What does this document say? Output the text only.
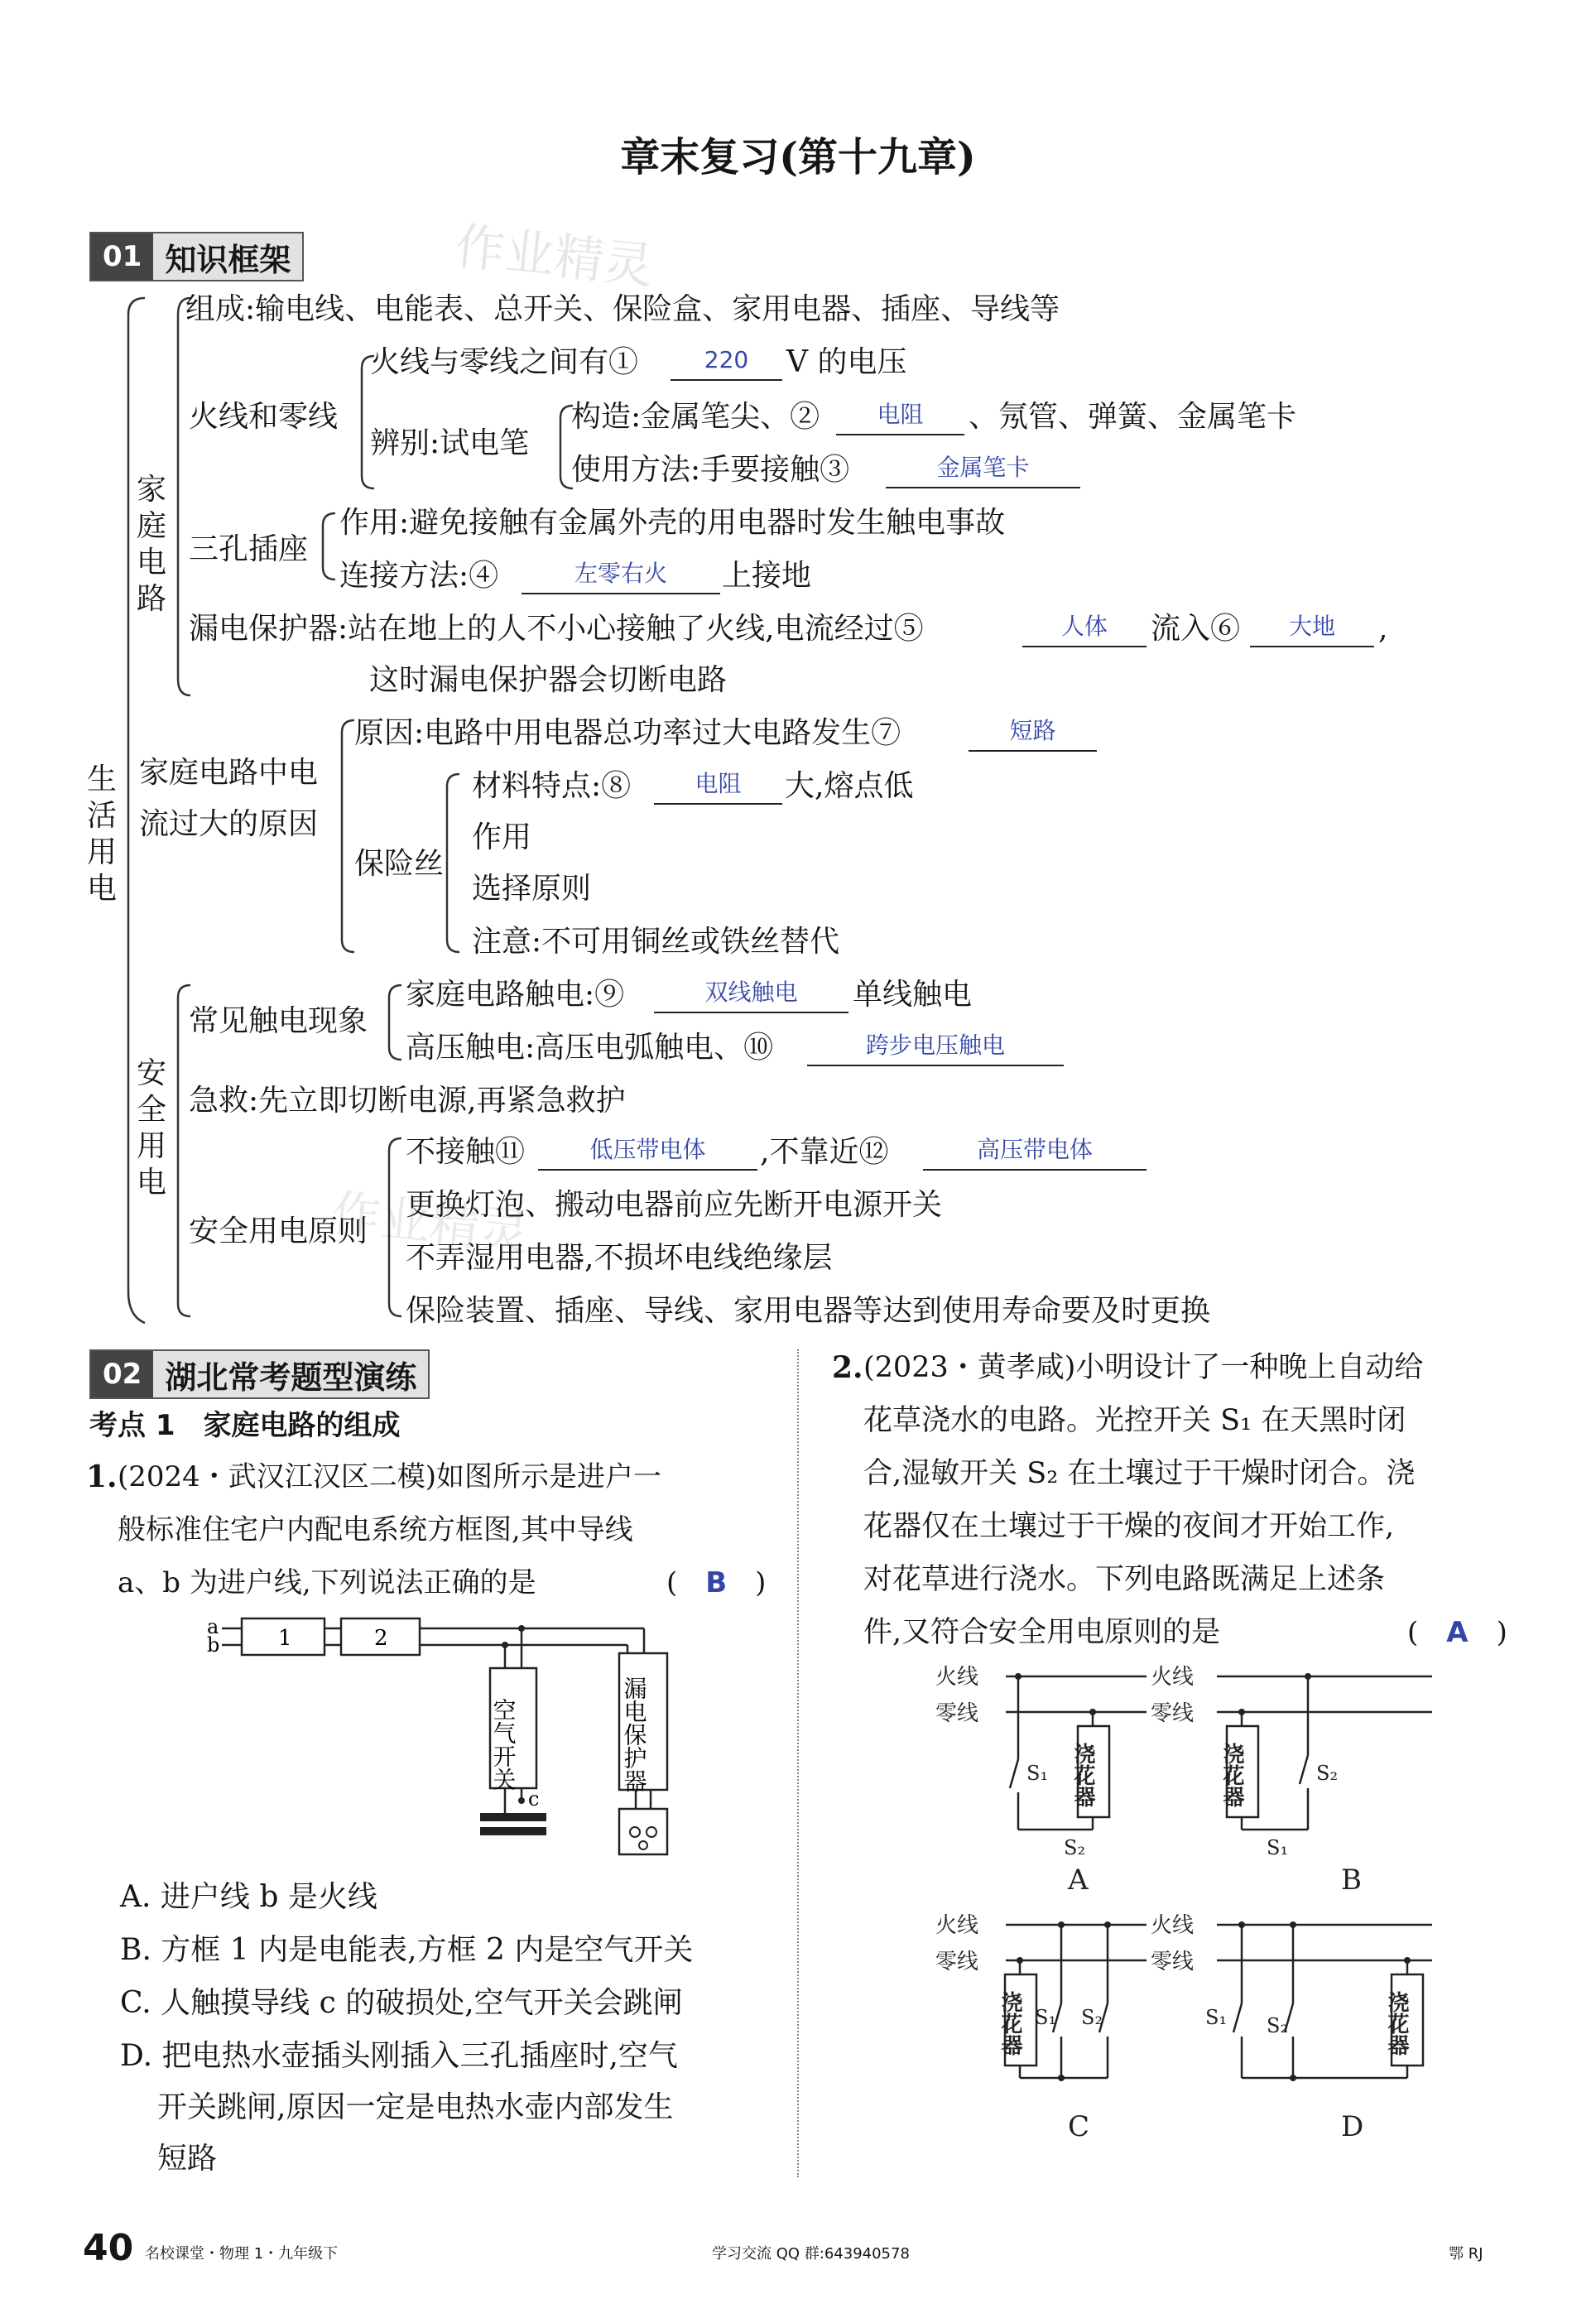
章末复习(第十九章)
01 知识框架	作业精灵
作业精灵
生活用电
家庭电路
安全用电
组成:输电线、电能表、总开关、保险盒、家用电器、插座、导线等
火线和零线
火线与零线之间有①	220	V 的电压
辨别:试电笔
构造:金属笔尖、②	电阻	、氖管、弹簧、金属笔卡
使用方法:手要接触③	金属笔卡
三孔插座
作用:避免接触有金属外壳的用电器时发生触电事故
连接方法:④	左零右火	上接地
漏电保护器:站在地上的人不小心接触了火线,电流经过⑤	人体	流入⑥	大地	,
这时漏电保护器会切断电路
家庭电路中电
流过大的原因
原因:电路中用电器总功率过大电路发生⑦	短路
保险丝
材料特点:⑧	电阻	大,熔点低
作用
选择原则
注意:不可用铜丝或铁丝替代
常见触电现象
家庭电路触电:⑨	双线触电	单线触电
高压触电:高压电弧触电、⑩	跨步电压触电
急救:先立即切断电源,再紧急救护
安全用电原则
不接触⑪	低压带电体	,不靠近⑫	高压带电体
更换灯泡、搬动电器前应先断开电源开关
不弄湿用电器,不损坏电线绝缘层
保险装置、插座、导线、家用电器等达到使用寿命要及时更换
02 湖北常考题型演练
考点 1　家庭电路的组成
1. (2024・武汉江汉区二模)如图所示是进户一
般标准住宅户内配电系统方框图,其中导线
a、b 为进户线,下列说法正确的是	(　B　)
a
b	1	2
c
空气开关	漏电保护器
A. 进户线 b 是火线
B. 方框 1 内是电能表,方框 2 内是空气开关
C. 人触摸导线 c 的破损处,空气开关会跳闸
D. 把电热水壶插头刚插入三孔插座时,空气
开关跳闸,原因一定是电热水壶内部发生
短路
2. (2023・黄孝咸)小明设计了一种晚上自动给
花草浇水的电路。光控开关 S₁ 在天黑时闭
合,湿敏开关 S₂ 在土壤过于干燥时闭合。浇
花器仅在土壤过于干燥的夜间才开始工作,
对花草进行浇水。下列电路既满足上述条
件,又符合安全用电原则的是	(　A　)
火线
零线
火线
零线
火线
零线
火线
零线
S₁
S₂
S₂
S₁
S₁ S₂	S₁ S₂
浇花器	浇花器
浇花器	浇花器
A	B
C	D
40 名校课堂・物理 1・九年级下	学习交流 QQ 群:643940578	鄂 RJ
